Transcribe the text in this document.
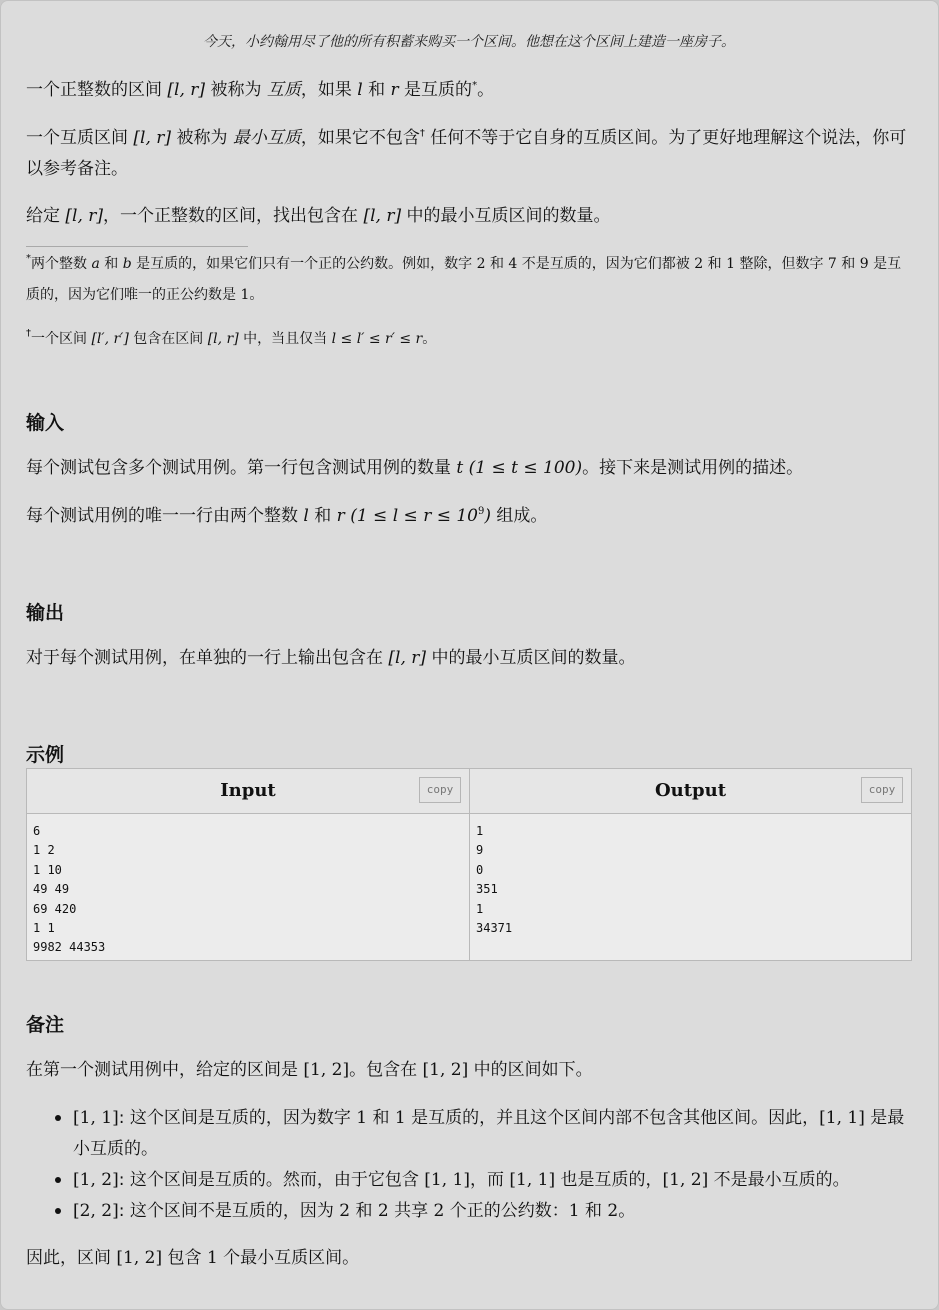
今天，小约翰用尽了他的所有积蓄来购买一个区间。他想在这个区间上建造一座房子。

一个正整数的区间 [l, r] 被称为 互质，如果 l 和 r 是互质的*。

一个互质区间 [l, r] 被称为 最小互质，如果它不包含† 任何不等于它自身的互质区间。为了更好地理解这个说法，你可以参考备注。

给定 [l, r]，一个正整数的区间，找出包含在 [l, r] 中的最小互质区间的数量。

*两个整数 a 和 b 是互质的，如果它们只有一个正的公约数。例如，数字 2 和 4 不是互质的，因为它们都被 2 和 1 整除，但数字 7 和 9 是互质的，因为它们唯一的正公约数是 1。

†一个区间 [l′, r′] 包含在区间 [l, r] 中，当且仅当 l ≤ l′ ≤ r′ ≤ r。

输入

每个测试包含多个测试用例。第一行包含测试用例的数量 t (1 ≤ t ≤ 100)。接下来是测试用例的描述。

每个测试用例的唯一一行由两个整数 l 和 r $(1 \le l \le r \le 10^9)$ 组成。

输出

对于每个测试用例，在单独的一行上输出包含在 [l, r] 中的最小互质区间的数量。

示例
Input	copy
6
1 2
1 10
49 49
69 420
1 1
9982 44353
Output	copy
1
9
0
351
1
34371
备注

在第一个测试用例中，给定的区间是 [1, 2]。包含在 [1, 2] 中的区间如下。

[1, 1]: 这个区间是互质的，因为数字 1 和 1 是互质的，并且这个区间内部不包含其他区间。因此，[1, 1] 是最小互质的。
[1, 2]: 这个区间是互质的。然而，由于它包含 [1, 1]，而 [1, 1] 也是互质的，[1, 2] 不是最小互质的。
[2, 2]: 这个区间不是互质的，因为 2 和 2 共享 2 个正的公约数：1 和 2。

因此，区间 [1, 2] 包含 1 个最小互质区间。
